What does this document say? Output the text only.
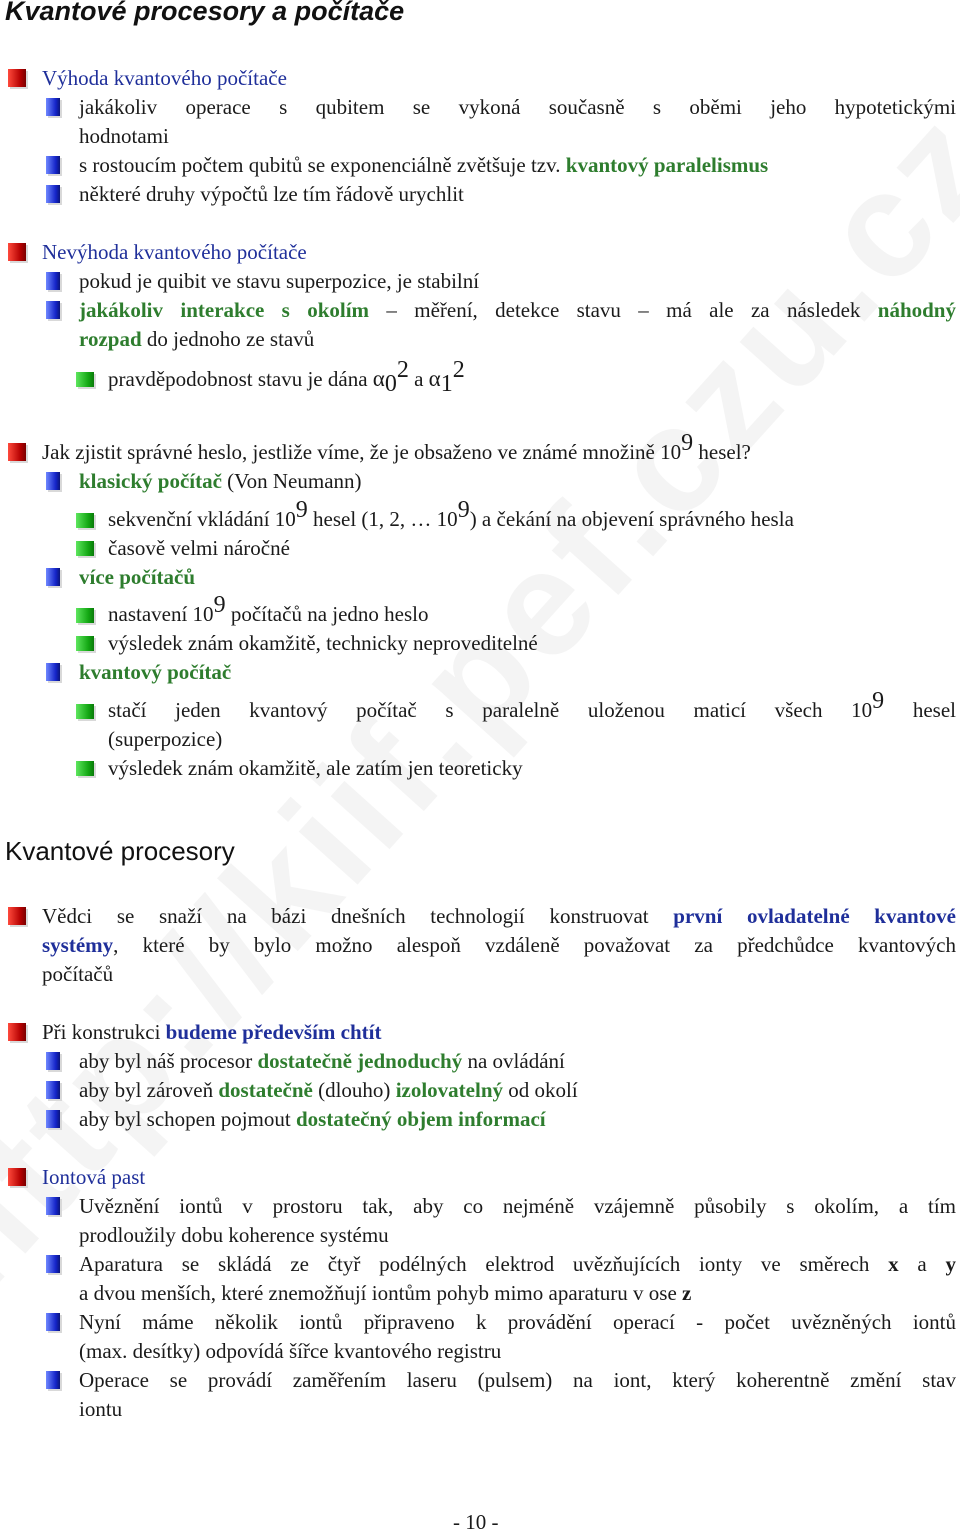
Kvantové procesory a počítače
Výhoda kvantového počítače
jakákoliv operace s qubitem se vykoná současně s oběmi jeho hypotetickými
hodnotami
s rostoucím počtem qubitů se exponenciálně zvětšuje tzv. kvantový paralelismus
některé druhy výpočtů lze tím řádově urychlit
Nevýhoda kvantového počítače
pokud je quibit ve stavu superpozice, je stabilní
jakákoliv interakce s okolím – měření, detekce stavu – má ale za následek náhodný
rozpad do jednoho ze stavů
pravděpodobnost stavu je dána α02 a α12
Jak zjistit správné heslo, jestliže víme, že je obsaženo ve známé množině 109 hesel?
klasický počítač (Von Neumann)
sekvenční vkládání 109 hesel (1, 2, … 109) a čekání na objevení správného hesla
časově velmi náročné
více počítačů
nastavení 109 počítačů na jedno heslo
výsledek znám okamžitě, technicky neproveditelné
kvantový počítač
stačí jeden kvantový počítač s paralelně uloženou maticí všech 109 hesel
(superpozice)
výsledek znám okamžitě, ale zatím jen teoreticky
Kvantové procesory
Vědci se snaží na bázi dnešních technologií konstruovat první ovladatelné kvantové
systémy, které by bylo možno alespoň vzdáleně považovat za předchůdce kvantových
počítačů
Při konstrukci budeme především chtít
aby byl náš procesor dostatečně jednoduchý na ovládání
aby byl zároveň dostatečně (dlouho) izolovatelný od okolí
aby byl schopen pojmout dostatečný objem informací
Iontová past
Uvěznění iontů v prostoru tak, aby co nejméně vzájemně působily s okolím, a tím
prodloužily dobu koherence systému
Aparatura se skládá ze čtyř podélných elektrod uvězňujících ionty ve směrech x a y
a dvou menších, které znemožňují iontům pohyb mimo aparaturu v ose z
Nyní máme několik iontů připraveno k provádění operací - počet uvězněných iontů
(max. desítky) odpovídá šířce kvantového registru
Operace se provádí zaměřením laseru (pulsem) na iont, který koherentně změní stav
iontu
- 10 -
